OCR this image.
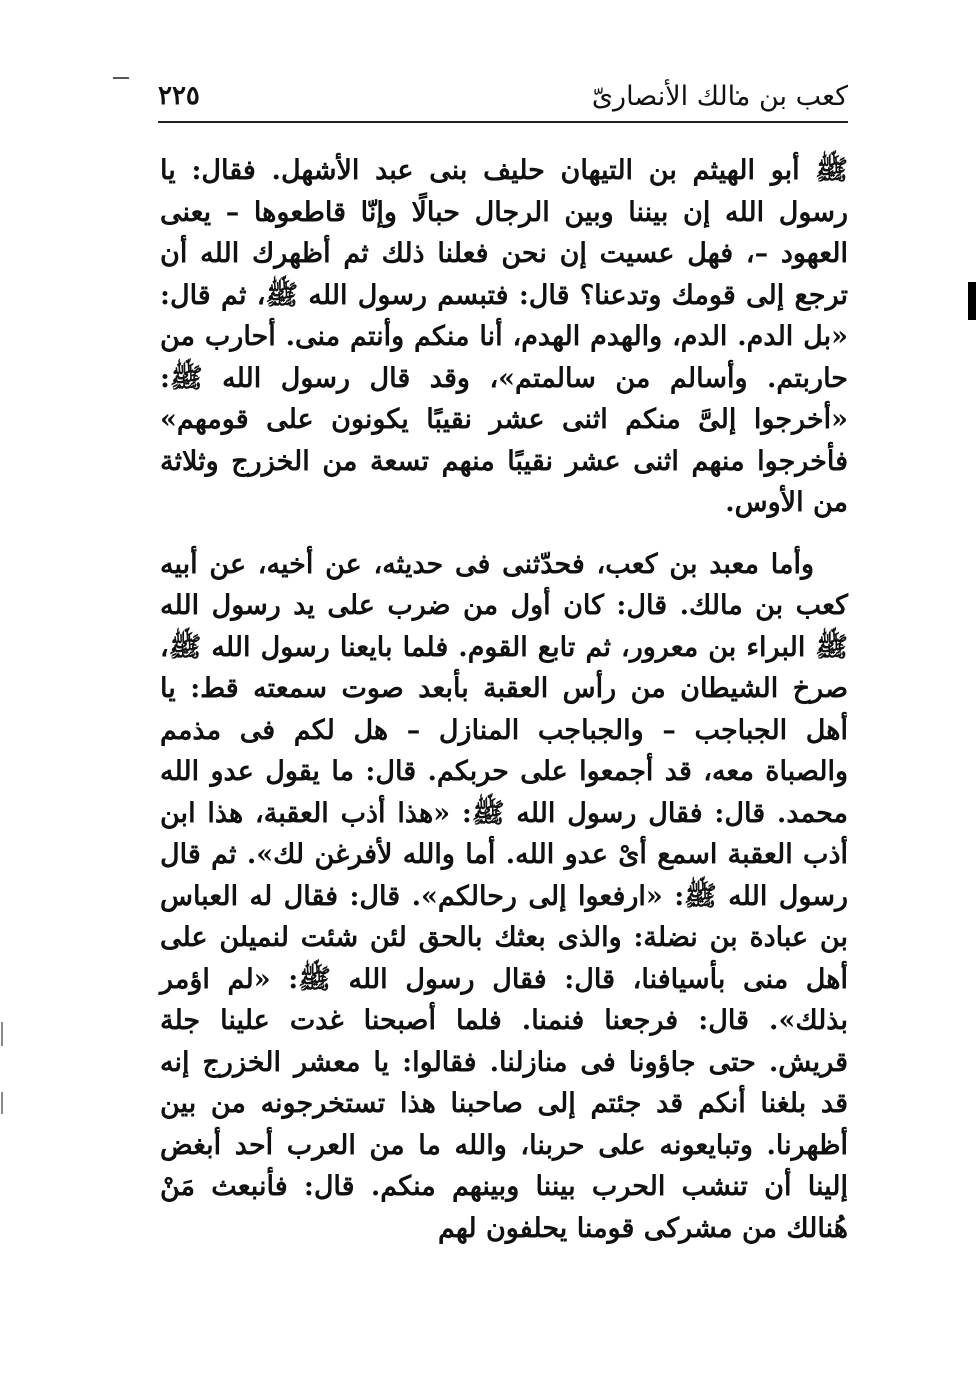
كعب بن مالك الأنصارىّ
٢٢٥

ﷺ أبو الهيثم بن التيهان حليف بنى عبد الأشهل. فقال: يا رسول الله إن بيننا وبين الرجال حبالًا وإنّا قاطعوها – يعنى العهود –، فهل عسيت إن نحن فعلنا ذلك ثم أظهرك الله أن ترجع إلى قومك وتدعنا؟ قال: فتبسم رسول الله ﷺ، ثم قال: «بل الدم. الدم، والهدم الهدم، أنا منكم وأنتم منى. أحارب من حاربتم. وأسالم من سالمتم»، وقد قال رسول الله ﷺ: «أخرجوا إلىَّ منكم اثنى عشر نقيبًا يكونون على قومهم» فأخرجوا منهم اثنى عشر نقيبًا منهم تسعة من الخزرج وثلاثة من الأوس.

وأما معبد بن كعب، فحدّثنى فى حديثه، عن أخيه، عن أبيه كعب بن مالك. قال: كان أول من ضرب على يد رسول الله ﷺ البراء بن معرور، ثم تابع القوم. فلما بايعنا رسول الله ﷺ، صرخ الشيطان من رأس العقبة بأبعد صوت سمعته قط: يا أهل الجباجب – والجباجب المنازل – هل لكم فى مذمم والصباة معه، قد أجمعوا على حربكم. قال: ما يقول عدو الله محمد. قال: فقال رسول الله ﷺ: «هذا أذب العقبة، هذا ابن أذب العقبة اسمع أىْ عدو الله. أما والله لأفرغن لك». ثم قال رسول الله ﷺ: «ارفعوا إلى رحالكم». قال: فقال له العباس بن عبادة بن نضلة: والذى بعثك بالحق لئن شئت لنميلن على أهل منى بأسيافنا، قال: فقال رسول الله ﷺ: «لم اؤمر بذلك». قال: فرجعنا فنمنا. فلما أصبحنا غدت علينا جلة قريش. حتى جاؤونا فى منازلنا. فقالوا: يا معشر الخزرج إنه قد بلغنا أنكم قد جئتم إلى صاحبنا هذا تستخرجونه من بين أظهرنا. وتبايعونه على حربنا، والله ما من العرب أحد أبغض إلينا أن تنشب الحرب بيننا وبينهم منكم. قال: فأنبعث مَنْ هُنالك من مشركى قومنا يحلفون لهم
